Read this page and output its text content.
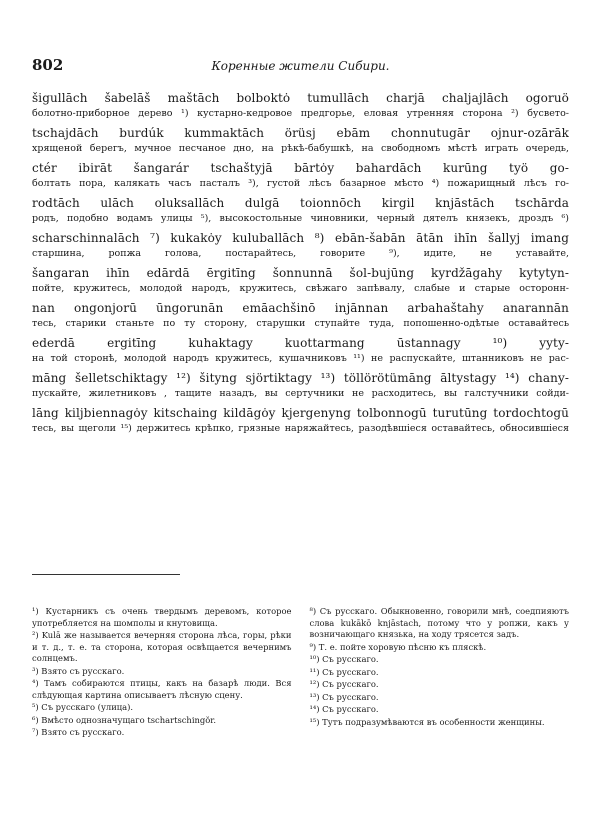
802	Коренные жители Сибири.
šigullāch šabelāš maštāch bolboktȯ tumullāch charjā chaljajlāch ogoruö
болотно-приборное дерево ¹) кустарно-кедровое предгорье, еловая утренняя сторона ²) бусвето-
tschajdāch burdúk kummaktāch örüsj ebām chonnutugār ojnur-ozārāk
хрященой берегъ, мучное песчаное дно, на рѣкѣ-бабушкѣ, на свободномъ мѣстѣ играть очередь,
ctér ibirāt šangarár tschaštyjā bārtȯy bahardāch kurūng työ go-
болтать пора, калякать часъ пасталъ ³), густой лѣсъ базарное мѣсто ⁴) пожарищный лѣсъ го-
rodtāch ulāch oluksallāch dulgā toionnōch kirgil knjāstāch tschārda
родъ, подобно водамъ улицы ⁵), высокостольные чиновники, черный дятелъ князекъ, дроздъ ⁶)
scharschinnalāch ⁷) kukakȯy kuluballāch ⁸) ebān-šabān ātān ihīn šallyj imang
старшина, ропжа голова, постарайтесь, говорите ⁹), идите, не уставайте,
šangaran ihīn edārdā ērgitīng šonnunnā šol-bujūng kyrdžāgahy kytytyn-
пойте, кружитесь, молодой народъ, кружитесь, свѣжаго запѣвалу, слабые и старые осторонн-
nan ongonjorū ūngorunān emāachšinō injānnan arbahaštahy anarannān
тесь, старики станьте по ту сторону, старушки ступайте туда, попошенно-одѣтые оставайтесь
ederdā ergitīng kuhaktagy kuottarmang ūstannagy ¹⁰) yyty-
на той сторонѣ, молодой народъ кружитесь, кушачниковъ ¹¹) не распускайте, штанниковъ не рас-
māng šelletschiktagy ¹²) šityng sjörtiktagy ¹³) töllörötümāng āltystagy ¹⁴) chany-
пускайте, жилетниковъ , тащите назадъ, вы сертучники не расходитесь, вы галстучники сойди-
lāng kiljbiennagȯy kitschaing kildāgȯy kjergenyng tolbonnogū turutūng tordochtogū
тесь, вы щеголи ¹⁵) держитесь крѣпко, грязные наряжайтесь, разодѣвшіеся оставайтесь, обносившіеся

¹) Кустарникъ съ очень твердымъ деревомъ, которое употребляется на шомполы и кнутовища.

²) Kulā же называется вечерняя сторона лѣса, горы, рѣки и т. д., т. е. та сторона, которая освѣщается вечернимъ солнцемъ.

³) Взято съ русскаго.

⁴) Тамъ собираются птицы, какъ на базарѣ люди. Вся слѣдующая картина описываетъ лѣсную сцену.

⁵) Съ русскаго (улица).

⁶) Вмѣсто однозначущаго tschartschingŏr.

⁷) Взято съ русскаго.

⁸) Съ русскаго. Обыкновенно, говорили мнѣ, соедпияютъ слова kukākō knjāstach, потому что у ропжи, какъ у возничающаго князька, на ходу трясется задъ.

⁹) Т. е. пойте хоровую пѣсню къ пляскѣ.

¹⁰) Съ русскаго.

¹¹) Съ русскаго.

¹²) Съ русскаго.

¹³) Съ русскаго.

¹⁴) Съ русскаго.

¹⁵) Тутъ подразумѣваются въ особенности женщины.
